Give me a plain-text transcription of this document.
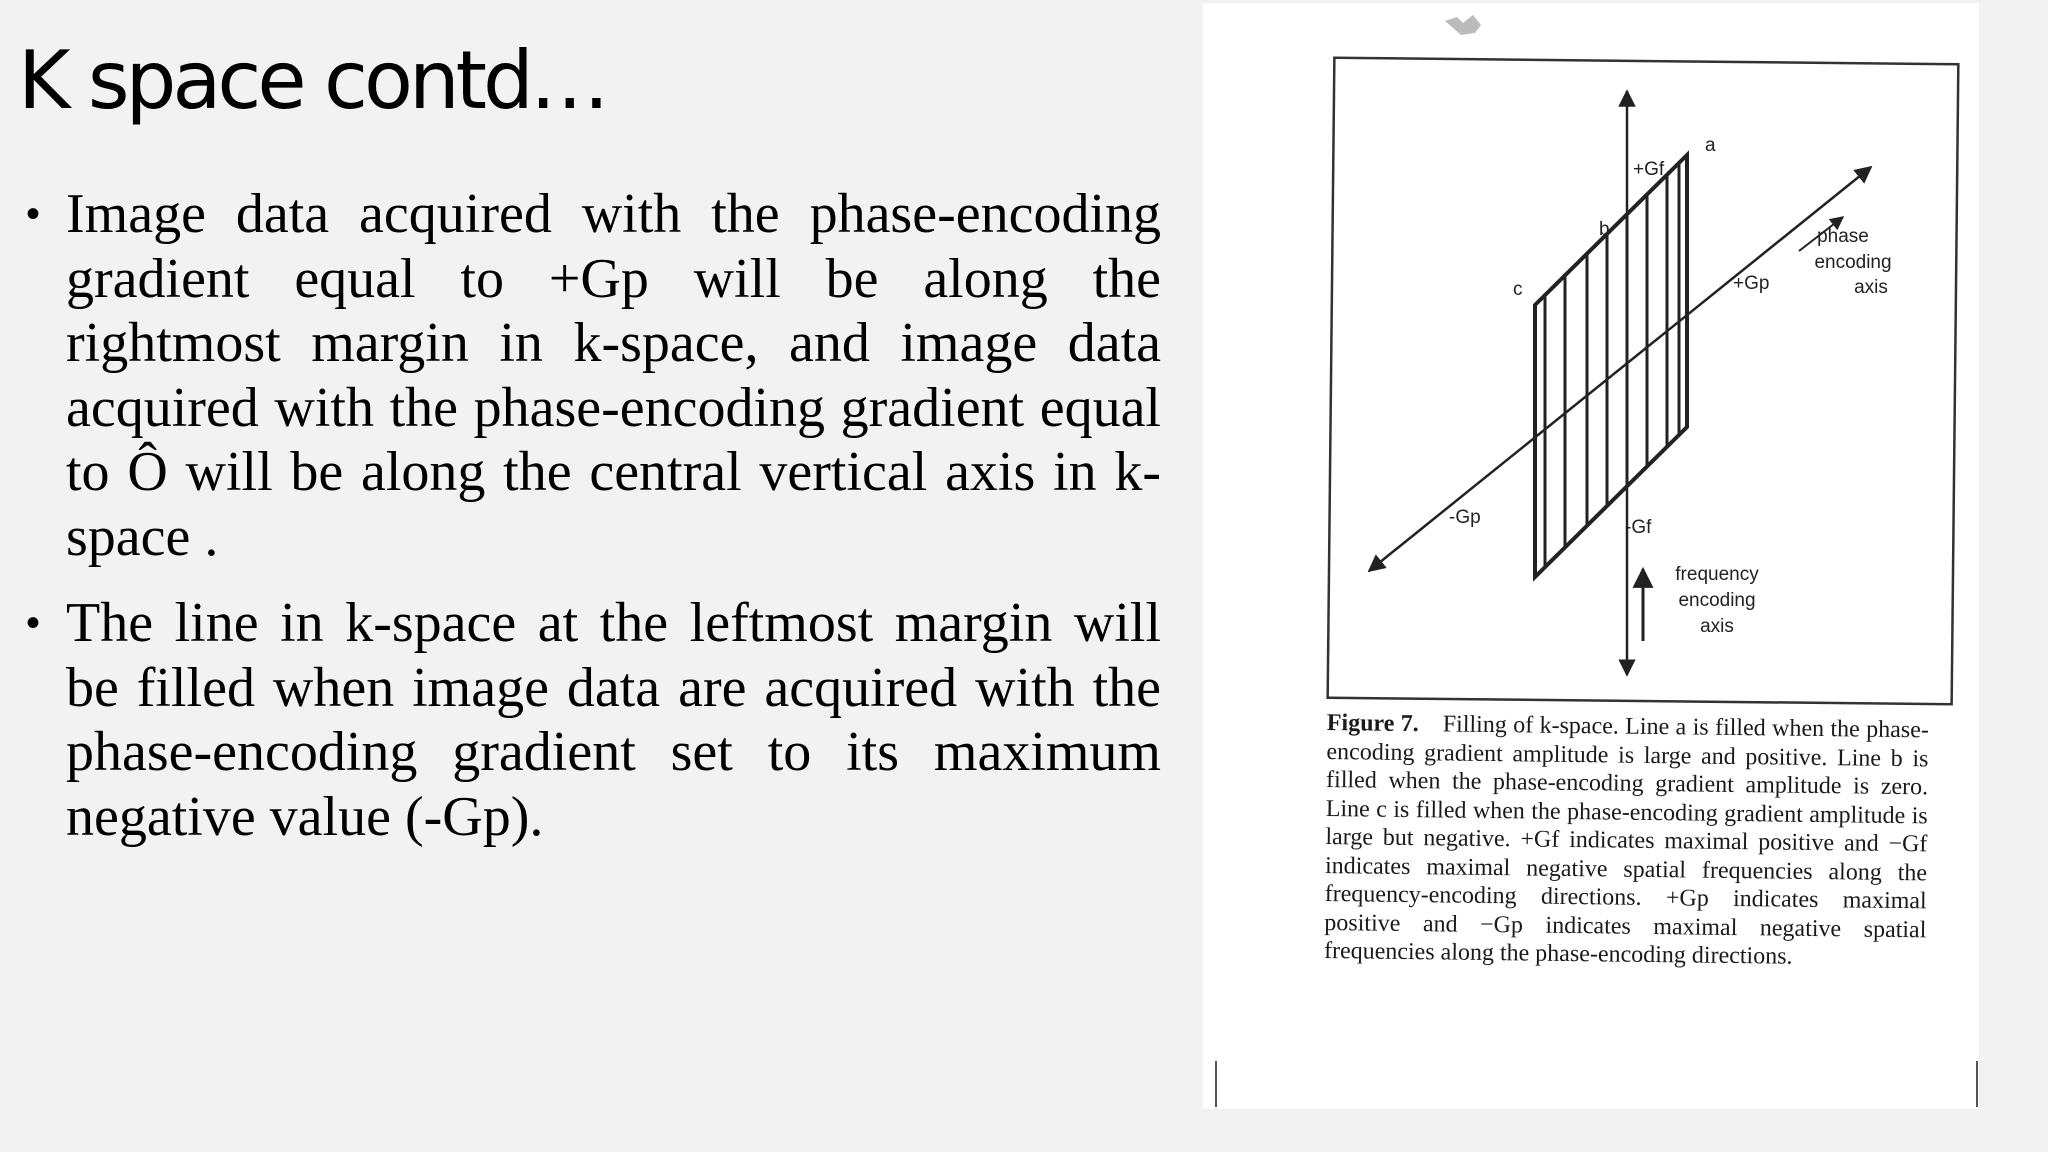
K space contd…
• Image data acquired with the phase-encoding gradient equal to +Gp will be along the rightmost margin in k-space, and image data acquired with the phase-encoding gradient equal to Ô will be along the central vertical axis in k-space .
• The line in k-space at the leftmost margin will be filled when image data are acquired with the phase-encoding gradient set to its maximum negative value (-Gp).
a
b
c
+Gf
-Gf
+Gp
-Gp
phase
encoding
axis
frequency
encoding
axis

Figure 7.  Filling of k-space. Line a is filled when the phase-encoding gradient amplitude is large and positive. Line b is filled when the phase-encoding gradient amplitude is zero. Line c is filled when the phase-encoding gradient amplitude is large but negative. +Gf indicates maximal positive and −Gf indicates maximal negative spatial frequencies along the frequency-encoding directions. +Gp indicates maximal positive and −Gp indicates maximal negative spatial frequencies along the phase-encoding directions.
